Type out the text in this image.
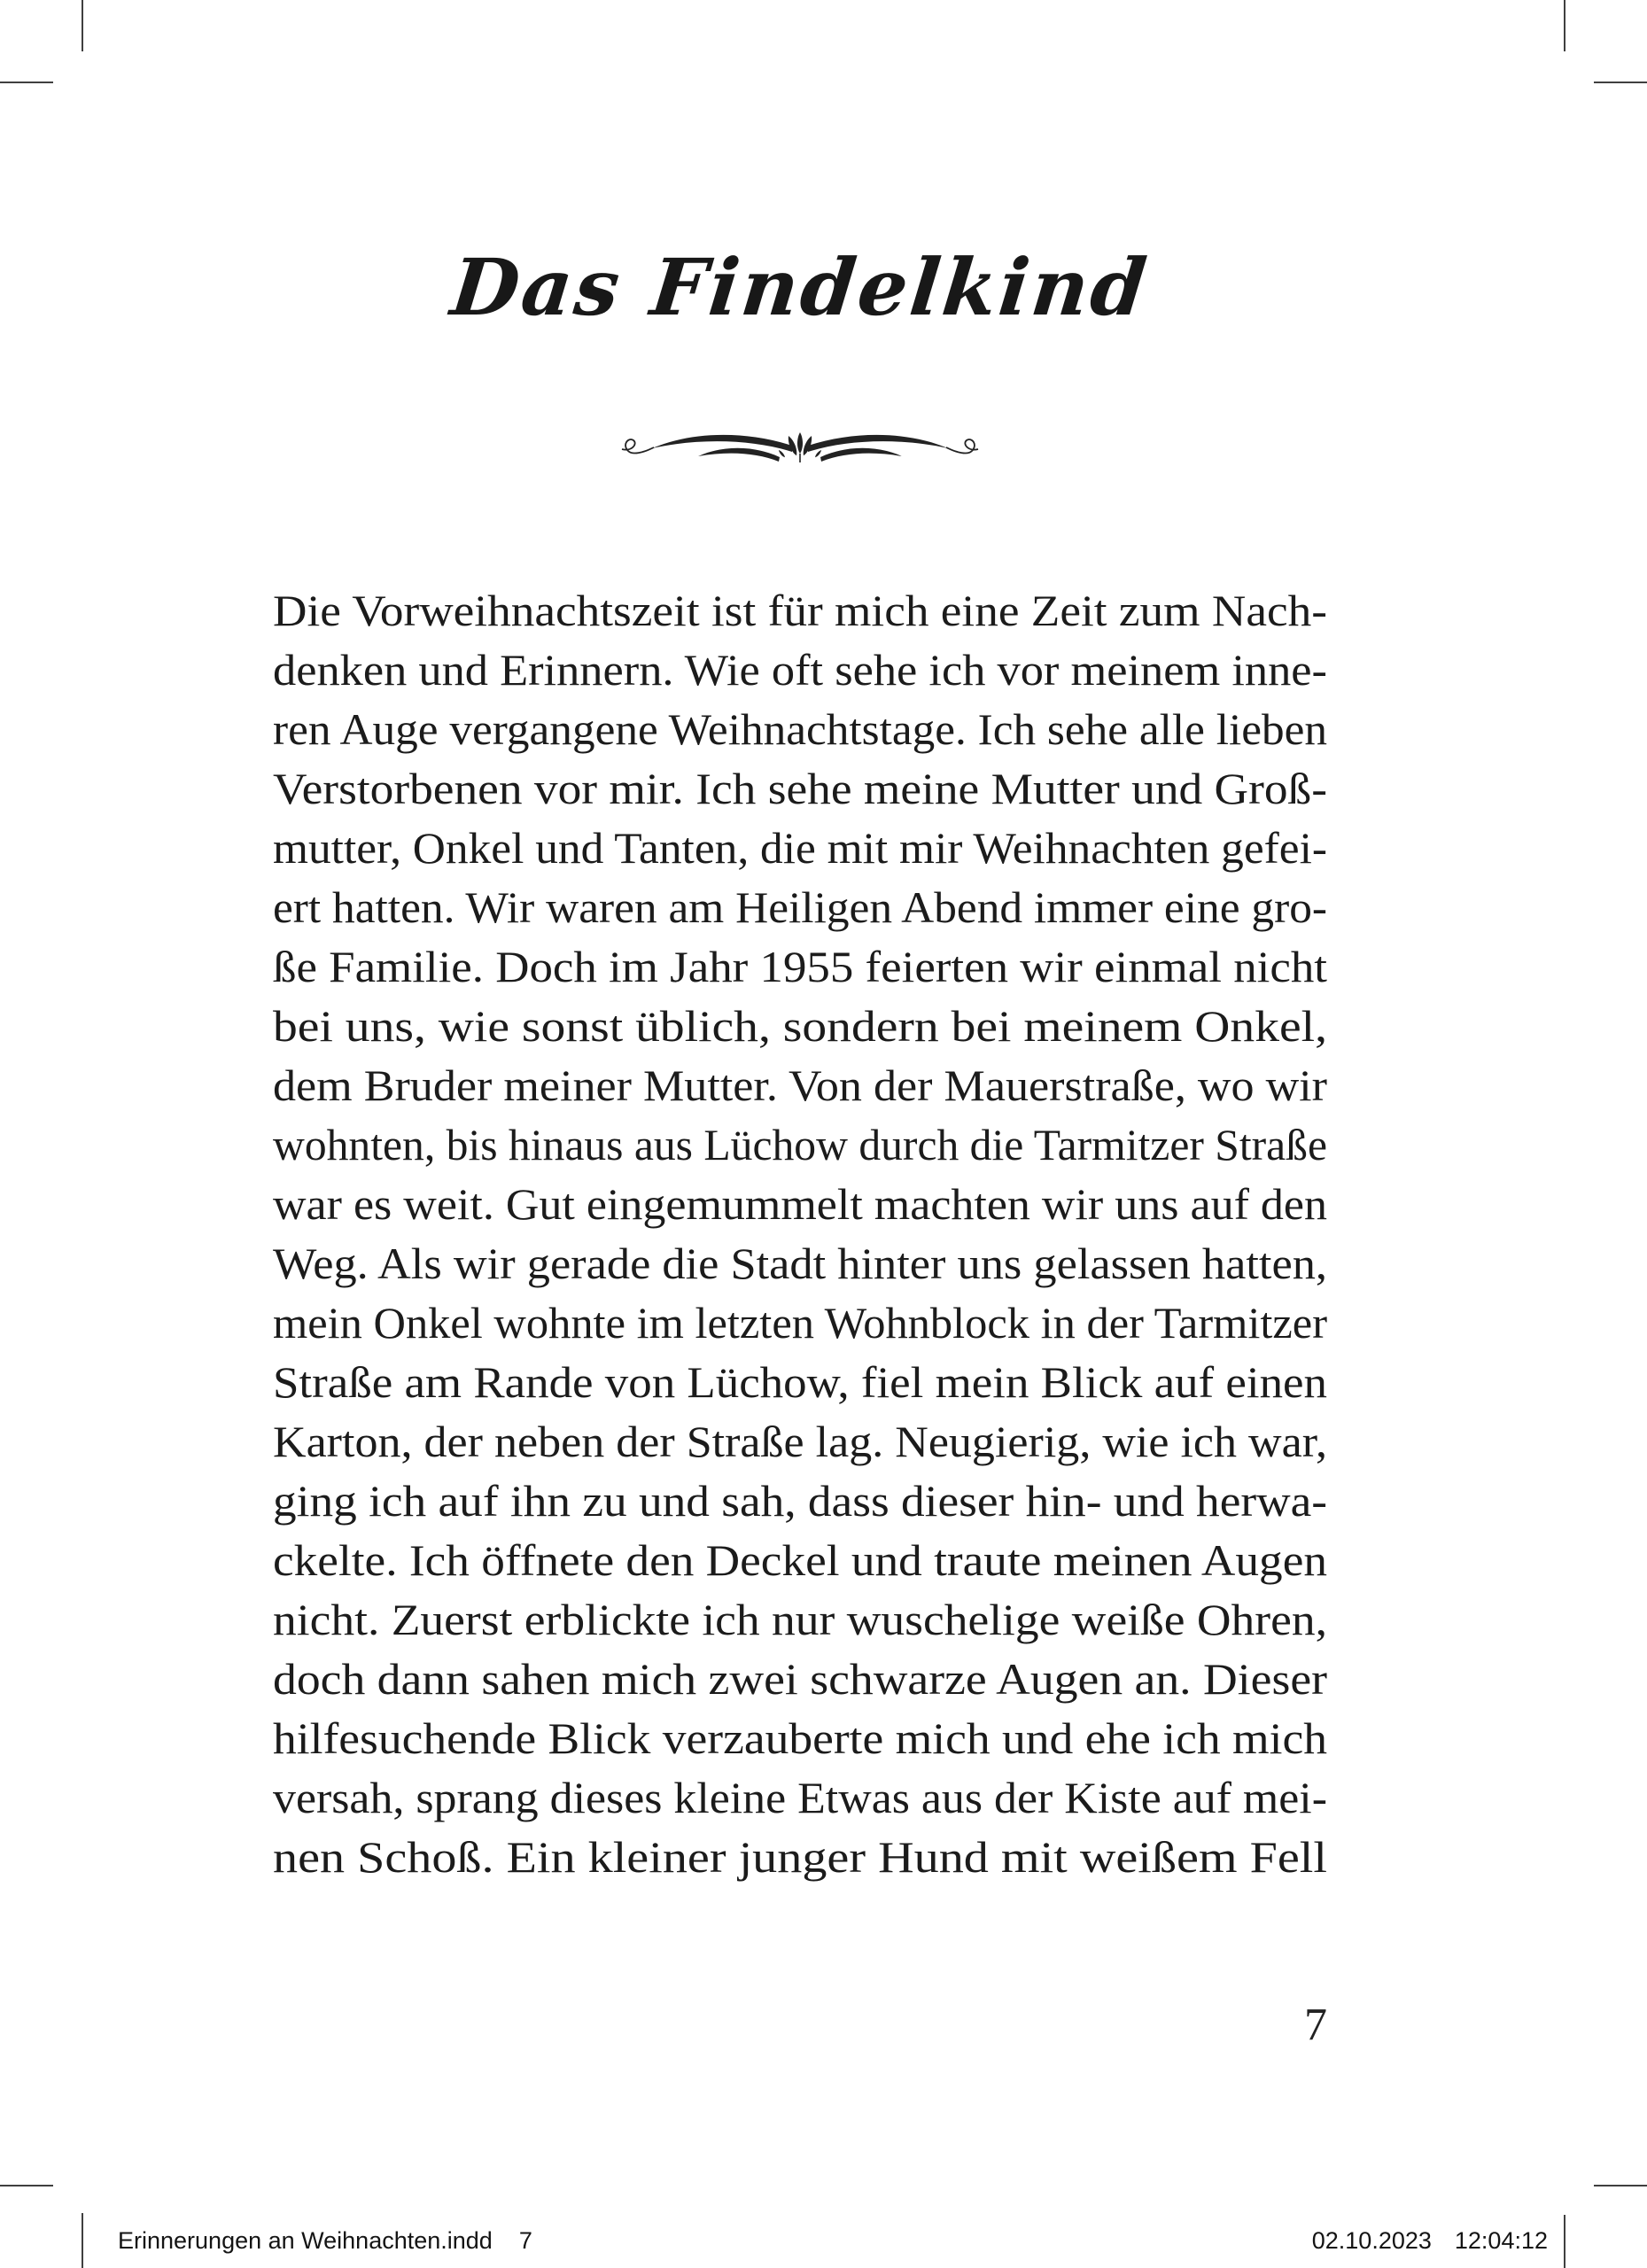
Das Findelkind
Die Vorweihnachtszeit ist für mich eine Zeit zum Nach-
denken und Erinnern. Wie oft sehe ich vor meinem inne-
ren Auge vergangene Weihnachtstage. Ich sehe alle lieben
Verstorbenen vor mir. Ich sehe meine Mutter und Groß-
mutter, Onkel und Tanten, die mit mir Weihnachten gefei-
ert hatten. Wir waren am Heiligen Abend immer eine gro-
ße Familie. Doch im Jahr 1955 feierten wir einmal nicht
bei uns, wie sonst üblich, sondern bei meinem Onkel,
dem Bruder meiner Mutter. Von der Mauerstraße, wo wir
wohnten, bis hinaus aus Lüchow durch die Tarmitzer Straße
war es weit. Gut eingemummelt machten wir uns auf den
Weg. Als wir gerade die Stadt hinter uns gelassen hatten,
mein Onkel wohnte im letzten Wohnblock in der Tarmitzer
Straße am Rande von Lüchow, fiel mein Blick auf einen
Karton, der neben der Straße lag. Neugierig, wie ich war,
ging ich auf ihn zu und sah, dass dieser hin- und herwa-
ckelte. Ich öffnete den Deckel und traute meinen Augen
nicht. Zuerst erblickte ich nur wuschelige weiße Ohren,
doch dann sahen mich zwei schwarze Augen an. Dieser
hilfesuchende Blick verzauberte mich und ehe ich mich
versah, sprang dieses kleine Etwas aus der Kiste auf mei-
nen Schoß. Ein kleiner junger Hund mit weißem Fell
7
Erinnerungen an Weihnachten.indd 7	02.10.2023 12:04:12
